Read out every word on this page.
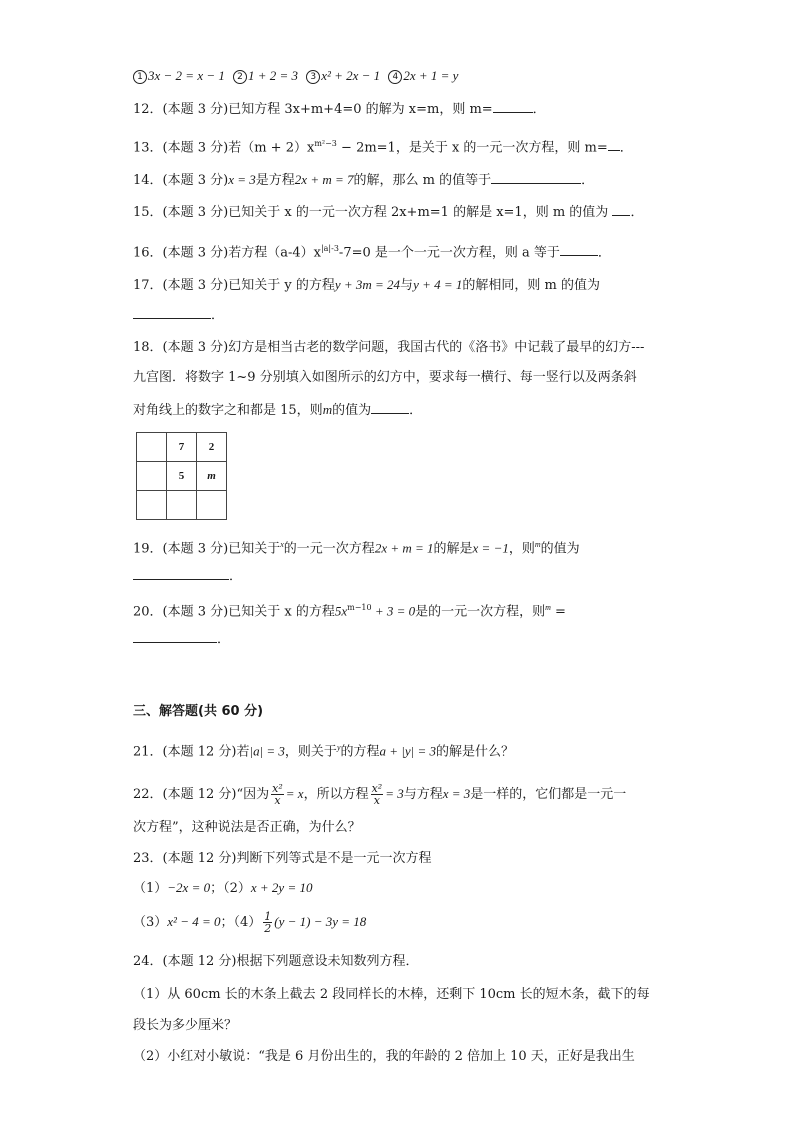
1 3x − 2 = x − 1 2 1 + 2 = 3 3 x² + 2x − 1 4 2x + 1 = y
12．(本题 3 分)已知方程 3x+m+4=0 的解为 x=m，则 m=	．
13．(本题 3 分)若$(m + 2)x^{m^2-3} - 2m=1$，是关于 x 的一元一次方程，则 m= ．
14．(本题 3 分)x = 3是方程2x + m = 7的解，那么 m 的值等于	．
15．(本题 3 分)已知关于 x 的一元一次方程 2x+m=1 的解是 x=1，则 m 的值为 ．
16．(本题 3 分)若方程$(a-4)x^{|a|-3}-7=0$ 是一个一元一次方程，则 a 等于	．
17．(本题 3 分)已知关于 y 的方程y + 3m = 24与y + 4 = 1的解相同，则 m 的值为
．
18．(本题 3 分)幻方是相当古老的数学问题，我国古代的《洛书》中记载了最早的幻方---
九宫图．将数字 1~9 分别填入如图所示的幻方中，要求每一横行、每一竖行以及两条斜
对角线上的数字之和都是 15，则m的值为	．
	7	2
	5	m

19．(本题 3 分)已知关于$^x$的一元一次方程2x + m = 1的解是x = −1，则$^m$的值为
．
20．(本题 3 分)已知关于 x 的方程$5x^{m-10} + 3 = 0$是的一元一次方程，则$^m$ =
．
三、解答题(共 60 分)
21．(本题 12 分)若|a| = 3，则关于$^y$的方程a + |y| = 3的解是什么？
22．(本题 12 分)“因为 $\frac{\text{x²}}{x} = x$，所以方程 $\frac{\text{x²}}{x} = 3$与方程x = 3是一样的，它们都是一元一
次方程”，这种说法是否正确，为什么？
23．(本题 12 分)判断下列等式是不是一元一次方程
（1）−2x = 0；（2）x + 2y = 10
（3）x² − 4 = 0；$(4) \frac{1}{2} (y - 1) - 3y = 18$
24．(本题 12 分)根据下列题意设未知数列方程．
（1）从 60cm 长的木条上截去 2 段同样长的木棒，还剩下 10cm 长的短木条，截下的每
段长为多少厘米？
（2）小红对小敏说：“我是 6 月份出生的，我的年龄的 2 倍加上 10 天，正好是我出生
